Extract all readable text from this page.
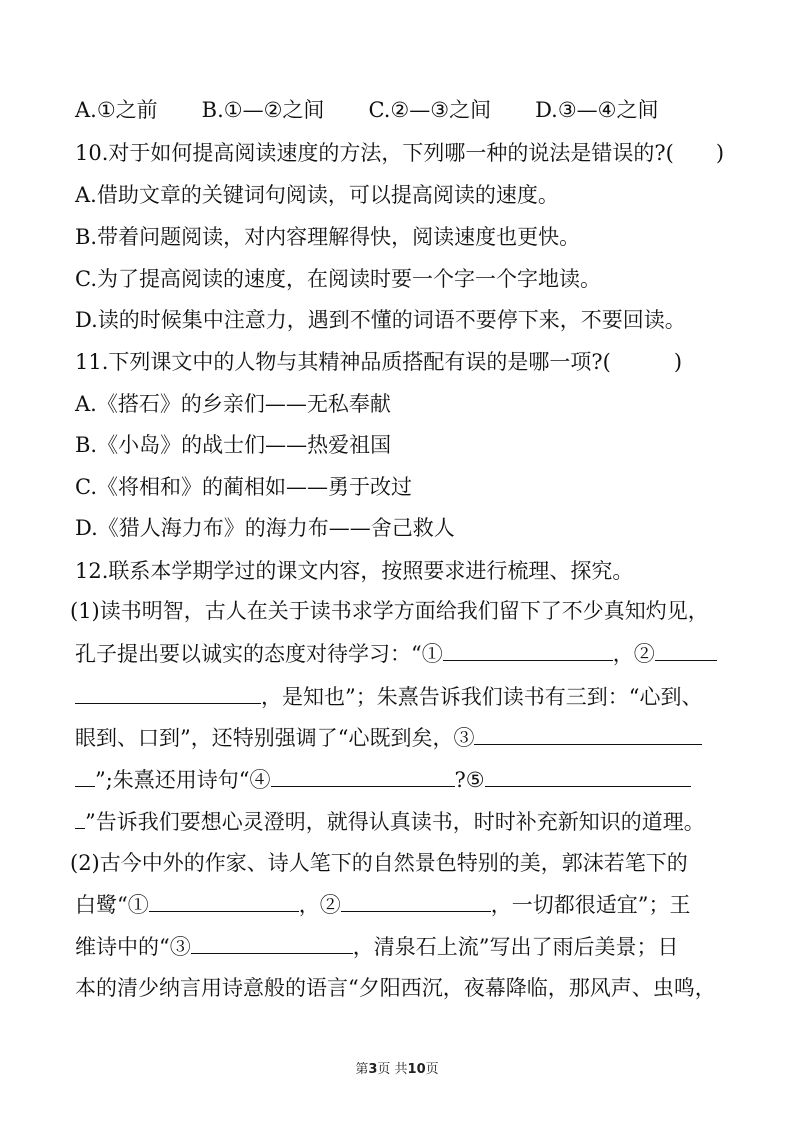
A.①之前 B.①—②之间 C.②—③之间 D.③—④之间
10.对于如何提高阅读速度的方法，下列哪一种的说法是错误的?(　　)
A.借助文章的关键词句阅读，可以提高阅读的速度。
B.带着问题阅读，对内容理解得快，阅读速度也更快。
C.为了提高阅读的速度，在阅读时要一个字一个字地读。
D.读的时候集中注意力，遇到不懂的词语不要停下来，不要回读。
11.下列课文中的人物与其精神品质搭配有误的是哪一项?(　　　)
A.《搭石》的乡亲们——无私奉献
B.《小岛》的战士们——热爱祖国
C.《将相和》的蔺相如——勇于改过
D.《猎人海力布》的海力布——舍己救人
12.联系本学期学过的课文内容，按照要求进行梳理、探究。
(1)读书明智，古人在关于读书求学方面给我们留下了不少真知灼见，
孔子提出要以诚实的态度对待学习：“①	，②
，是知也”；朱熹告诉我们读书有三到：“心到、
眼到、口到”，还特别强调了“心既到矣，③
”;朱熹还用诗句“④	?⑤
”告诉我们要想心灵澄明，就得认真读书，时时补充新知识的道理。
(2)古今中外的作家、诗人笔下的自然景色特别的美，郭沫若笔下的
白鹭“①	，②	，一切都很适宜”；王
维诗中的“③	，清泉石上流”写出了雨后美景；日
本的清少纳言用诗意般的语言“夕阳西沉，夜幕降临，那风声、虫鸣，
第3页 共10页
